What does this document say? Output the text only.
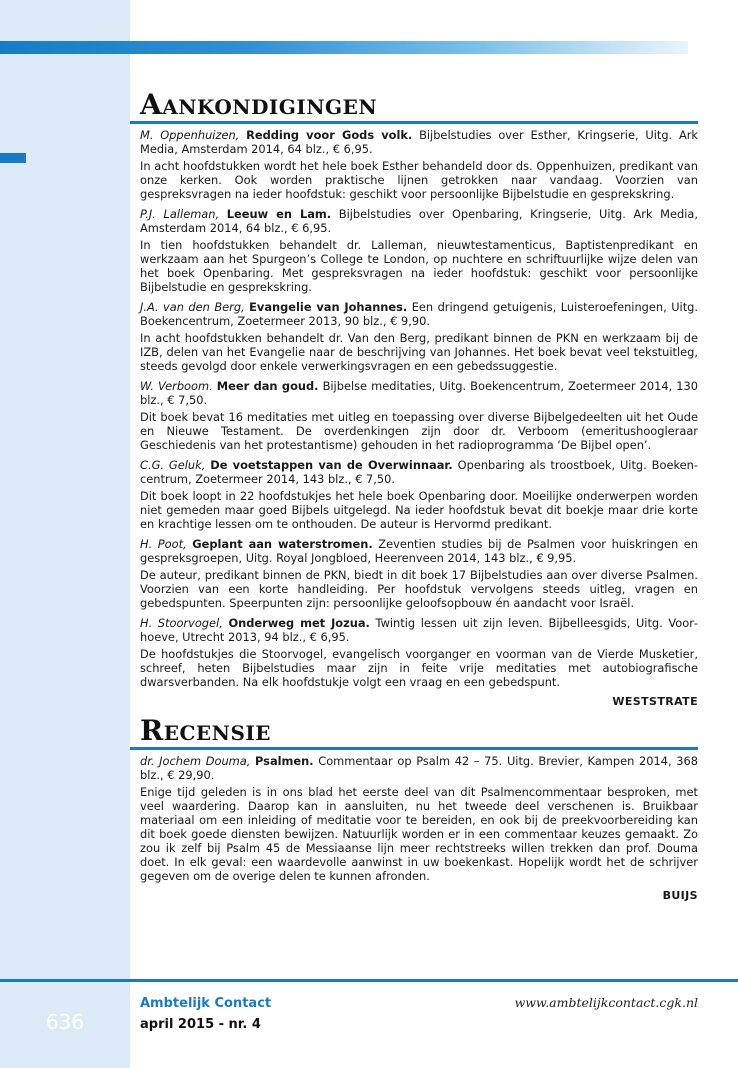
Aankondigingen

M. Oppenhuizen, Redding voor Gods volk. Bijbelstudies over Esther, Kringserie, Uitg. Ark Media, Amsterdam 2014, 64 blz., € 6,95.

In acht hoofdstukken wordt het hele boek Esther behandeld door ds. Oppenhuizen, predikant van onze kerken. Ook worden praktische lijnen getrokken naar vandaag. Voorzien van gespreksvragen na ieder hoofdstuk: geschikt voor persoonlijke Bijbelstudie en gesprekskring.

P.J. Lalleman, Leeuw en Lam. Bijbelstudies over Openbaring, Kringserie, Uitg. Ark Media, Amsterdam 2014, 64 blz., € 6,95.

In tien hoofdstukken behandelt dr. Lalleman, nieuwtestamenticus, Baptistenpredikant en werkzaam aan het Spurgeon’s College te London, op nuchtere en schriftuurlijke wijze delen van het boek Openbaring. Met gespreksvragen na ieder hoofdstuk: geschikt voor persoonlijke Bijbelstudie en gesprekskring.

J.A. van den Berg, Evangelie van Johannes. Een dringend getuigenis, Luisteroefeningen, Uitg. Boekencentrum, Zoetermeer 2013, 90 blz., € 9,90.

In acht hoofdstukken behandelt dr. Van den Berg, predikant binnen de PKN en werkzaam bij de IZB, delen van het Evangelie naar de beschrijving van Johannes. Het boek bevat veel tekstuitleg, steeds gevolgd door enkele verwerkingsvragen en een gebedssuggestie.

W. Verboom. Meer dan goud. Bijbelse meditaties, Uitg. Boekencentrum, Zoetermeer 2014, 130 blz., € 7,50.

Dit boek bevat 16 meditaties met uitleg en toepassing over diverse Bijbelgedeelten uit het Oude en Nieuwe Testament. De overdenkingen zijn door dr. Verboom (emeritushoogleraar Geschiedenis van het protestantisme) gehouden in het radioprogramma ‘De Bijbel open’.

C.G. Geluk, De voetstappen van de Overwinnaar. Openbaring als troostboek, Uitg. Boekencentrum, Zoetermeer 2014, 143 blz., € 7,50.

Dit boek loopt in 22 hoofdstukjes het hele boek Openbaring door. Moeilijke onderwerpen worden niet gemeden maar goed Bijbels uitgelegd. Na ieder hoofdstuk bevat dit boekje maar drie korte en krachtige lessen om te onthouden. De auteur is Hervormd predikant.

H. Poot, Geplant aan waterstromen. Zeventien studies bij de Psalmen voor huiskringen en gespreksgroepen, Uitg. Royal Jongbloed, Heerenveen 2014, 143 blz., € 9,95.

De auteur, predikant binnen de PKN, biedt in dit boek 17 Bijbelstudies aan over diverse Psalmen. Voorzien van een korte handleiding. Per hoofdstuk vervolgens steeds uitleg, vragen en gebedspunten. Speerpunten zijn: persoonlijke geloofsopbouw én aandacht voor Israël.

H. Stoorvogel, Onderweg met Jozua. Twintig lessen uit zijn leven. Bijbelleesgids, Uitg. Voorhoeve, Utrecht 2013, 94 blz., € 6,95.

De hoofdstukjes die Stoorvogel, evangelisch voorganger en voorman van de Vierde Musketier, schreef, heten Bijbelstudies maar zijn in feite vrije meditaties met autobiografische dwarsverbanden. Na elk hoofdstukje volgt een vraag en een gebedspunt.

WESTSTRATE
Recensie

dr. Jochem Douma, Psalmen. Commentaar op Psalm 42 – 75. Uitg. Brevier, Kampen 2014, 368 blz., € 29,90.

Enige tijd geleden is in ons blad het eerste deel van dit Psalmencommentaar besproken, met veel waardering. Daarop kan in aansluiten, nu het tweede deel verschenen is. Bruikbaar materiaal om een inleiding of meditatie voor te bereiden, en ook bij de preekvoorbereiding kan dit boek goede diensten bewijzen. Natuurlijk worden er in een commentaar keuzes gemaakt. Zo zou ik zelf bij Psalm 45 de Messiaanse lijn meer rechtstreeks willen trekken dan prof. Douma doet. In elk geval: een waardevolle aanwinst in uw boekenkast. Hopelijk wordt het de schrijver gegeven om de overige delen te kunnen afronden.

BUIJS
636
Ambtelijk Contact
april 2015 - nr. 4
www.ambtelijkcontact.cgk.nl
